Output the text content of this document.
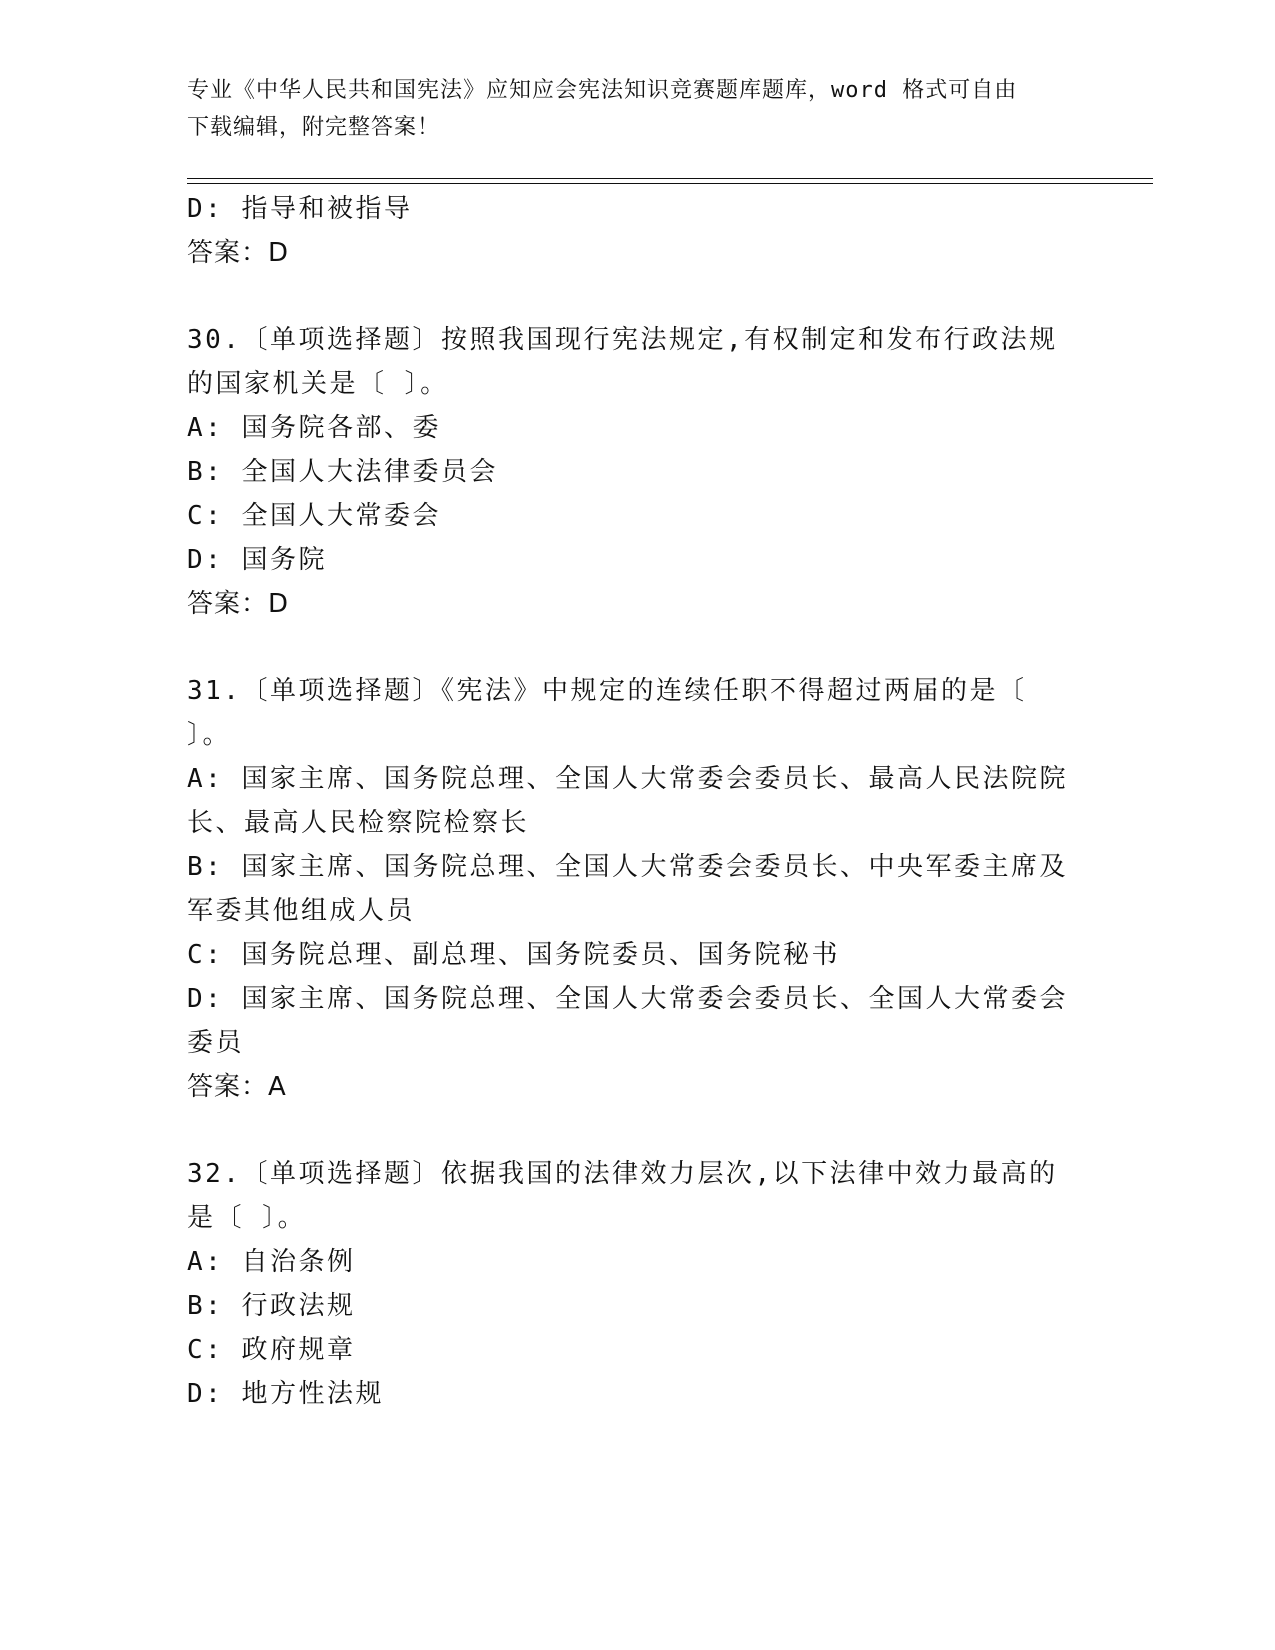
专业《中华人民共和国宪法》应知应会宪法知识竞赛题库题库，word 格式可自由
下载编辑，附完整答案！
D: 指导和被指导
答案：D
30.〔单项选择题〕按照我国现行宪法规定,有权制定和发布行政法规
的国家机关是〔 〕。
A: 国务院各部、委
B: 全国人大法律委员会
C: 全国人大常委会
D: 国务院
答案：D
31.〔单项选择题〕《宪法》中规定的连续任职不得超过两届的是〔
〕。
A: 国家主席、国务院总理、全国人大常委会委员长、最高人民法院院
长、最高人民检察院检察长
B: 国家主席、国务院总理、全国人大常委会委员长、中央军委主席及
军委其他组成人员
C: 国务院总理、副总理、国务院委员、国务院秘书
D: 国家主席、国务院总理、全国人大常委会委员长、全国人大常委会
委员
答案：A
32.〔单项选择题〕依据我国的法律效力层次,以下法律中效力最高的
是〔 〕。
A: 自治条例
B: 行政法规
C: 政府规章
D: 地方性法规
